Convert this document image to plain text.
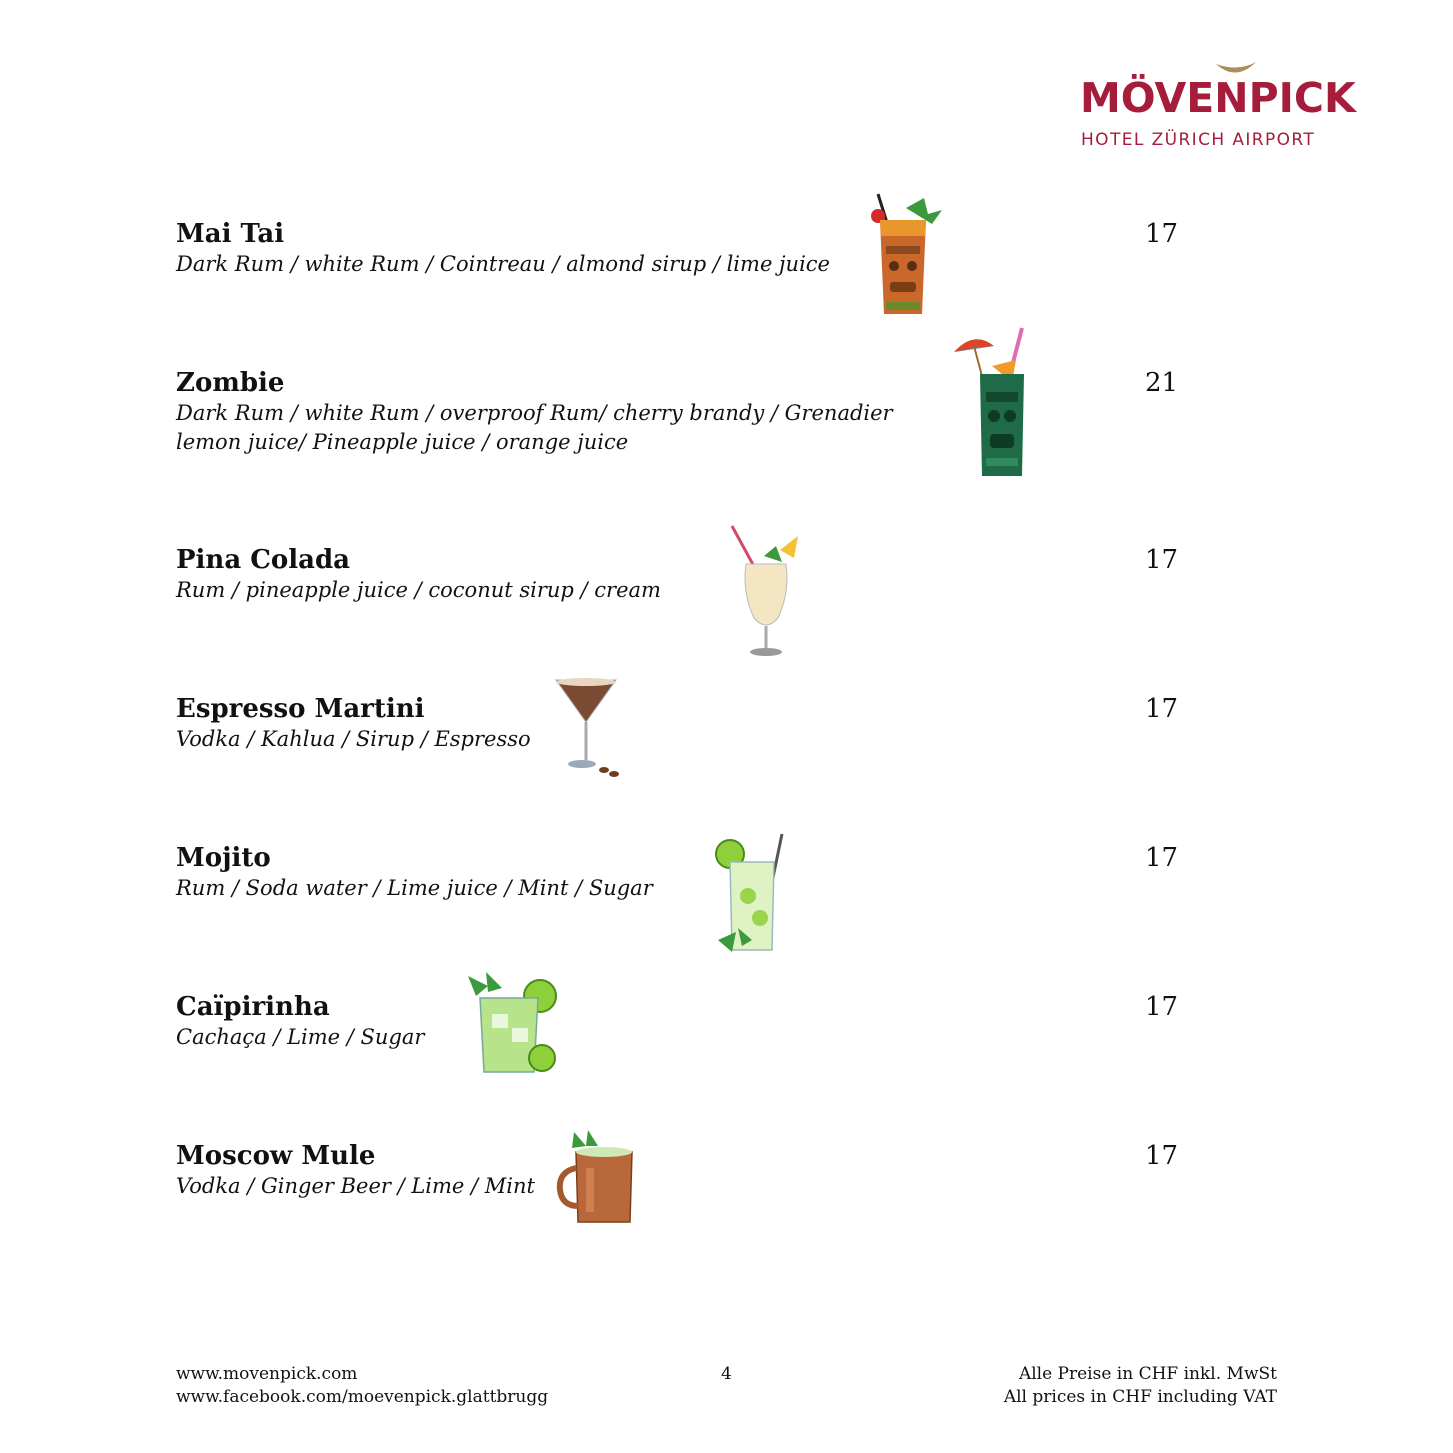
MÖVENPICK
HOTEL ZÜRICH AIRPORT
Mai Tai
Dark Rum / white Rum / Cointreau / almond sirup / lime juice
17
Zombie
Dark Rum / white Rum / overproof Rum/ cherry brandy / Grenadier
lemon juice/ Pineapple juice / orange juice
21
Pina Colada
Rum / pineapple juice / coconut sirup / cream
17
Espresso Martini
Vodka / Kahlua / Sirup / Espresso
17
Mojito
Rum / Soda water / Lime juice / Mint / Sugar
17
Caïpirinha
Cachaça / Lime / Sugar
17
Moscow Mule
Vodka / Ginger Beer / Lime / Mint
17
www.movenpick.com
www.facebook.com/moevenpick.glattbrugg
4	Alle Preise in CHF inkl. MwSt
All prices in CHF including VAT
